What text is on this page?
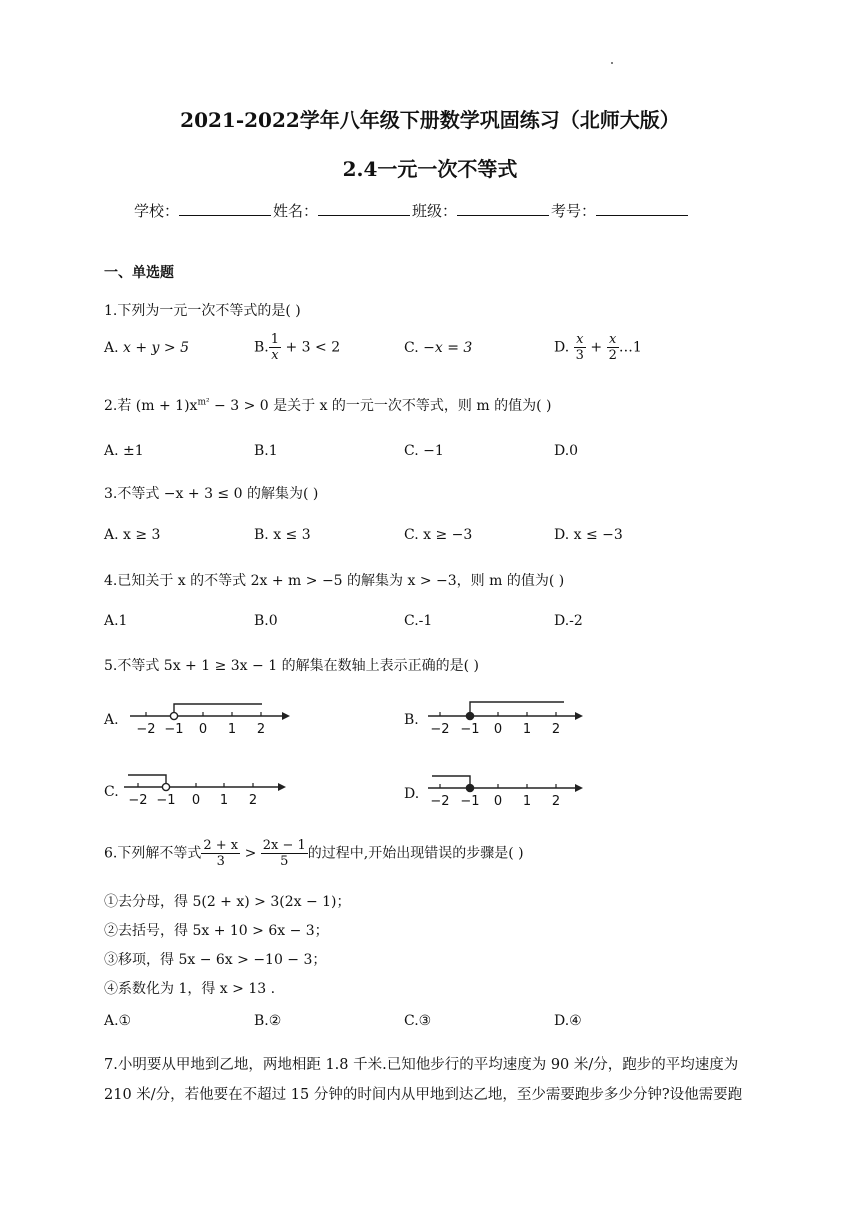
2021-2022学年八年级下册数学巩固练习（北师大版）
2.4一元一次不等式
学校：	姓名：	班级：	考号：
一、单选题
1.下列为一元一次不等式的是( )
A. x + y > 5	B. $\frac{1}{x} + 3 < 2$	C. −x = 3	D. $\frac{x}{3} + \frac{x}{2}$ …1
2.若 $(m + 1)x^{m^2} - 3 > 0$ 是关于 x 的一元一次不等式，则 m 的值为( )
A. ±1	B.1	C. −1	D.0
3.不等式 −x + 3 ≤ 0 的解集为( )
A. x ≥ 3	B. x ≤ 3	C. x ≥ −3	D. x ≤ −3
4.已知关于 x 的不等式 2x + m > −5 的解集为 x > −3，则 m 的值为( )
A.1	B.0	C.-1	D.-2
5.不等式 5x + 1 ≥ 3x − 1 的解集在数轴上表示正确的是( )
A.
−2 −1 0 1 2
B.
−2 −1 0 1 2
C.
−2 −1 0 1 2	D. −2 −1 0 1 2
6.下列解不等式 $\frac{2 + x}{3} > \frac{2x - 1}{5}$ 的过程中,开始出现错误的步骤是( )
①去分母，得 5(2 + x) > 3(2x − 1)；
②去括号，得 5x + 10 > 6x − 3；
③移项，得 5x − 6x > −10 − 3；
④系数化为 1，得 x > 13 .
A.①	B.②	C.③	D.④
7.小明要从甲地到乙地，两地相距 1.8 千米.已知他步行的平均速度为 90 米/分，跑步的平均速度为
210 米/分，若他要在不超过 15 分钟的时间内从甲地到达乙地，至少需要跑步多少分钟?设他需要跑
